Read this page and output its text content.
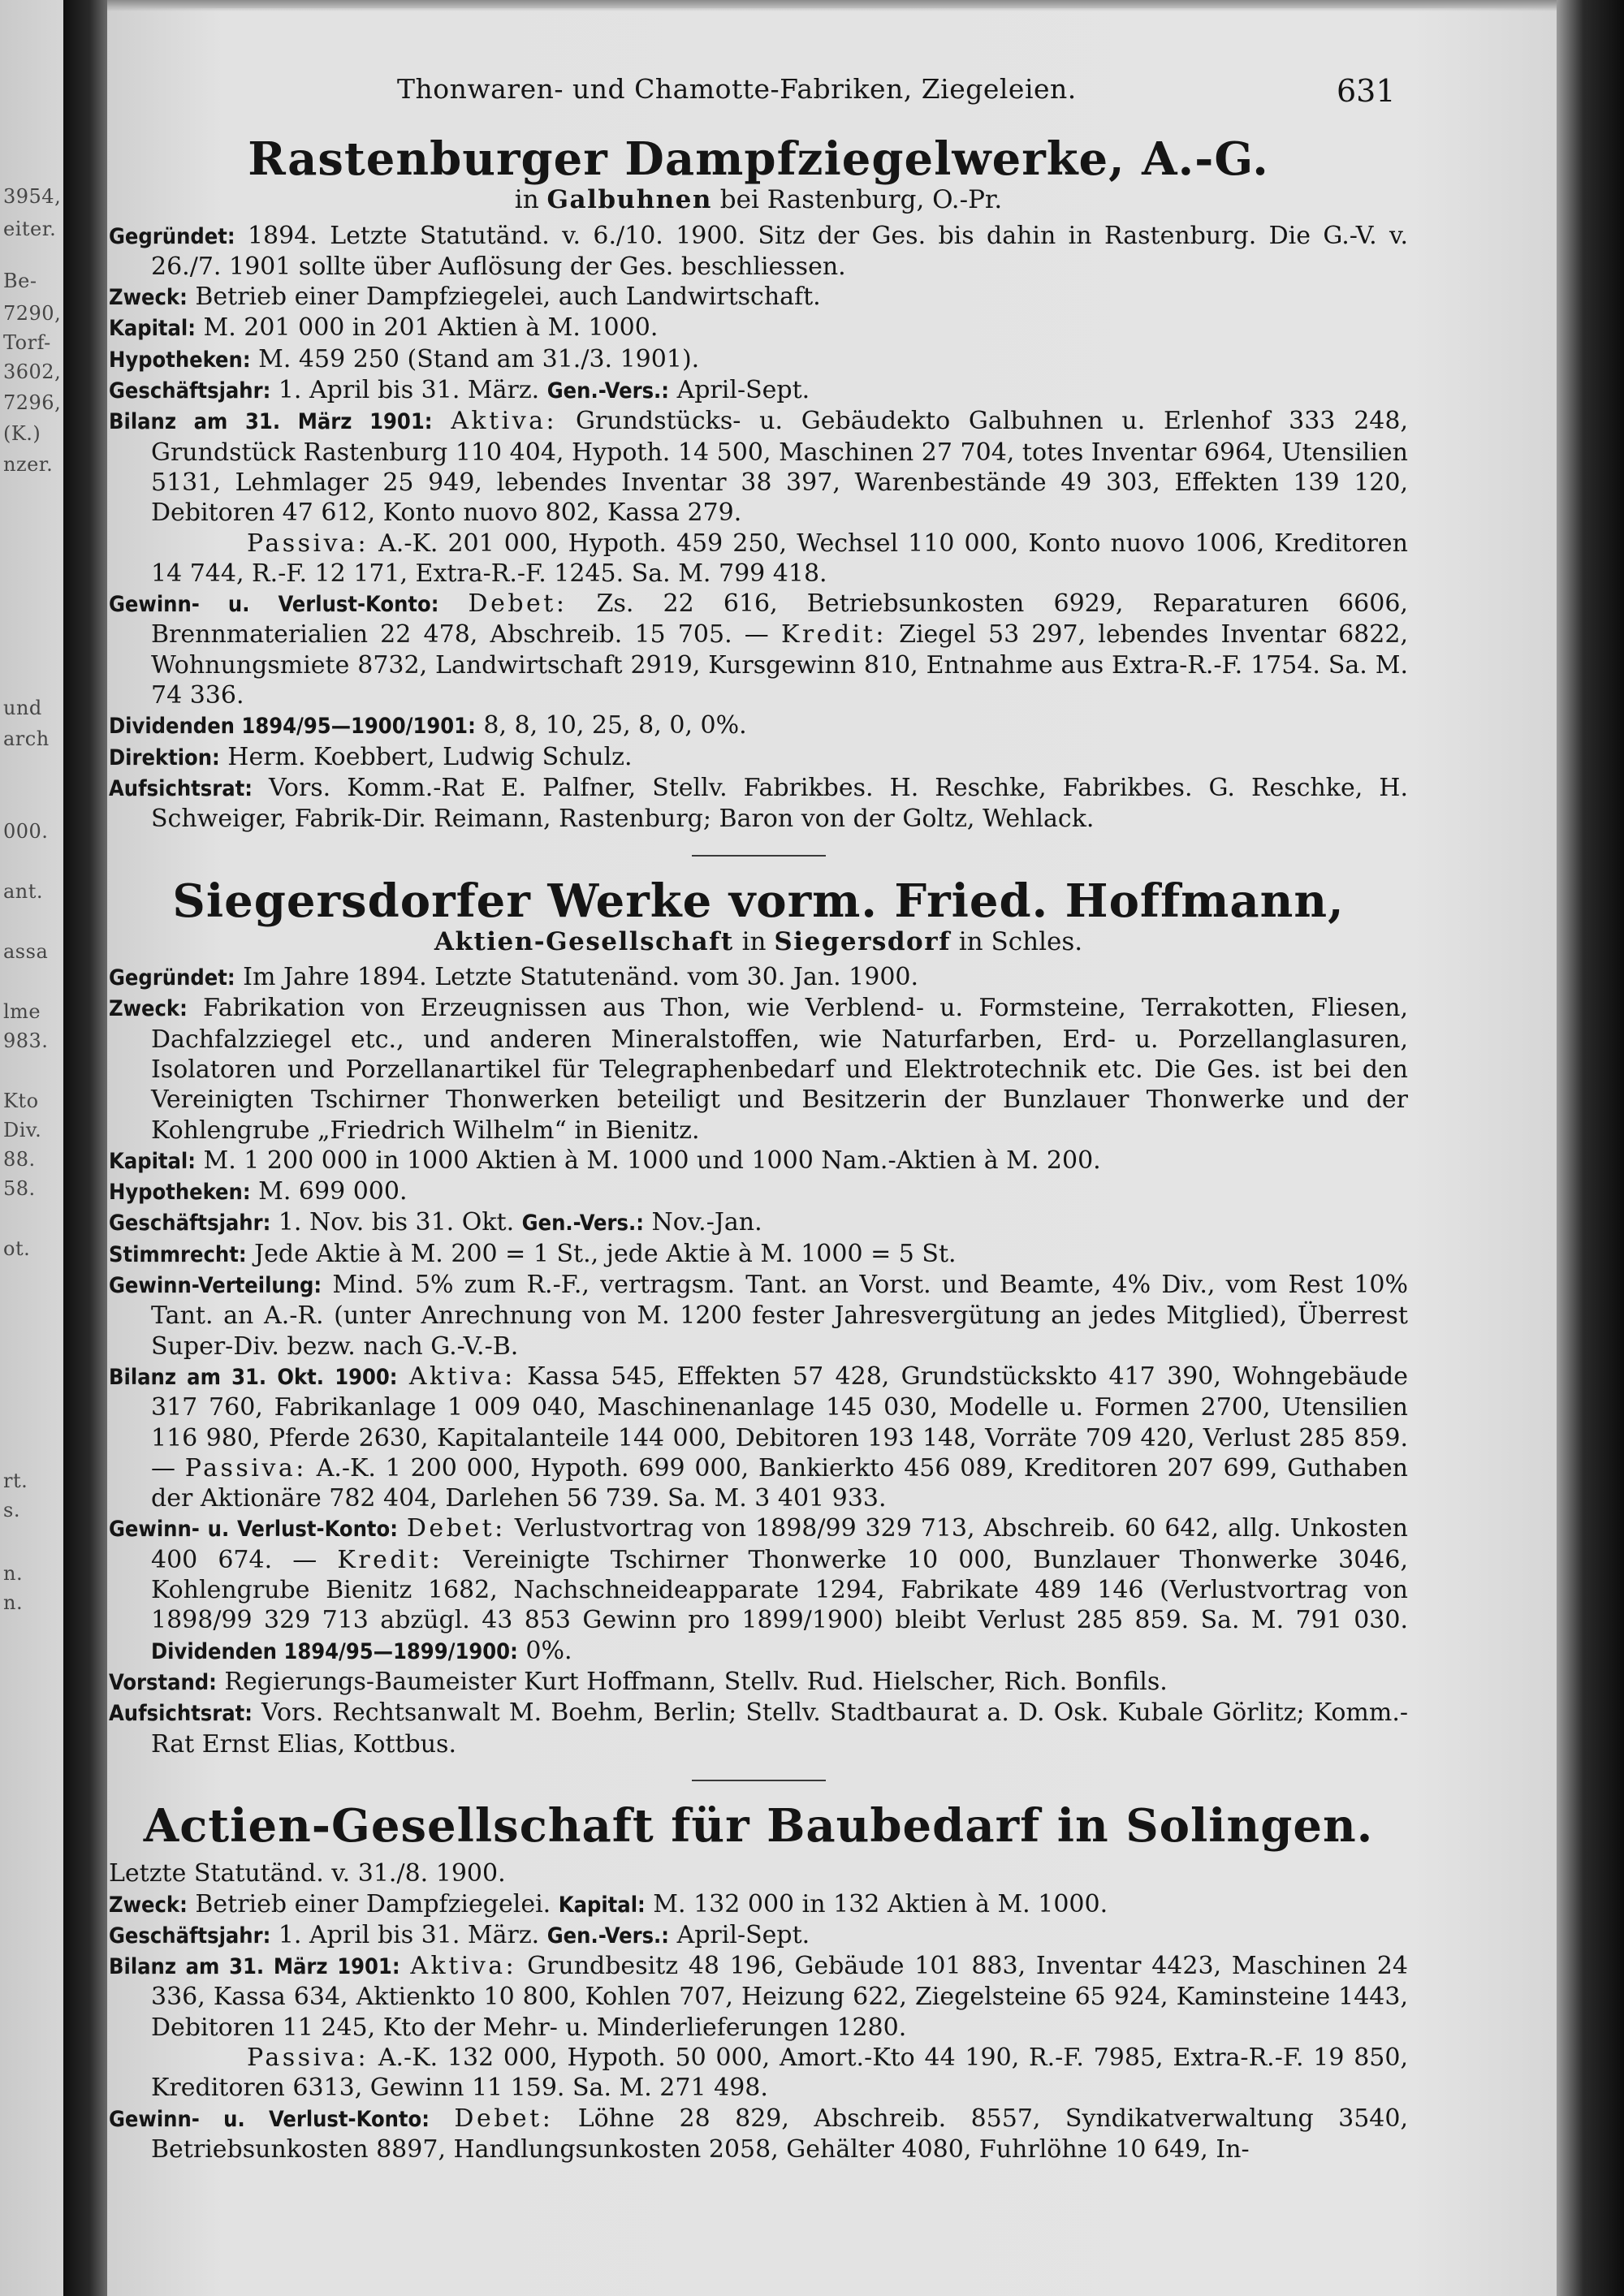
3954,
eiter.
Be-
7290,
Torf-
3602,
7296,
(K.)
nzer.
und
arch
000.
ant.
assa
lme
983.
Kto
Div.
88.
58.
ot.
rt.
s.
n.
n.
Thonwaren- und Chamotte-Fabriken, Ziegeleien.	631
Rastenburger Dampfziegelwerke, A.-G.

in Galbuhnen bei Rastenburg, O.-Pr.

Gegründet: 1894. Letzte Statutänd. v. 6./10. 1900. Sitz der Ges. bis dahin in Rastenburg. Die G.-V. v. 26./7. 1901 sollte über Auflösung der Ges. beschliessen.

Zweck: Betrieb einer Dampfziegelei, auch Landwirtschaft.

Kapital: M. 201 000 in 201 Aktien à M. 1000.

Hypotheken: M. 459 250 (Stand am 31./3. 1901).

Geschäftsjahr: 1. April bis 31. März. Gen.-Vers.: April-Sept.

Bilanz am 31. März 1901: Aktiva: Grundstücks- u. Gebäudekto Galbuhnen u. Erlenhof 333 248, Grundstück Rastenburg 110 404, Hypoth. 14 500, Maschinen 27 704, totes Inventar 6964, Utensilien 5131, Lehmlager 25 949, lebendes Inventar 38 397, Warenbestände 49 303, Effekten 139 120, Debitoren 47 612, Konto nuovo 802, Kassa 279.

Passiva: A.-K. 201 000, Hypoth. 459 250, Wechsel 110 000, Konto nuovo 1006, Kreditoren 14 744, R.-F. 12 171, Extra-R.-F. 1245. Sa. M. 799 418.

Gewinn- u. Verlust-Konto: Debet: Zs. 22 616, Betriebsunkosten 6929, Reparaturen 6606, Brennmaterialien 22 478, Abschreib. 15 705. — Kredit: Ziegel 53 297, lebendes Inventar 6822, Wohnungsmiete 8732, Landwirtschaft 2919, Kursgewinn 810, Entnahme aus Extra-R.-F. 1754. Sa. M. 74 336.

Dividenden 1894/95—1900/1901: 8, 8, 10, 25, 8, 0, 0%.

Direktion: Herm. Koebbert, Ludwig Schulz.

Aufsichtsrat: Vors. Komm.-Rat E. Palfner, Stellv. Fabrikbes. H. Reschke, Fabrikbes. G. Reschke, H. Schweiger, Fabrik-Dir. Reimann, Rastenburg; Baron von der Goltz, Wehlack.

Siegersdorfer Werke vorm. Fried. Hoffmann,

Aktien-Gesellschaft in Siegersdorf in Schles.

Gegründet: Im Jahre 1894. Letzte Statutenänd. vom 30. Jan. 1900.

Zweck: Fabrikation von Erzeugnissen aus Thon, wie Verblend- u. Formsteine, Terrakotten, Fliesen, Dachfalzziegel etc., und anderen Mineralstoffen, wie Naturfarben, Erd- u. Porzellanglasuren, Isolatoren und Porzellanartikel für Telegraphenbedarf und Elektrotechnik etc. Die Ges. ist bei den Vereinigten Tschirner Thonwerken beteiligt und Besitzerin der Bunzlauer Thonwerke und der Kohlengrube „Friedrich Wilhelm“ in Bienitz.

Kapital: M. 1 200 000 in 1000 Aktien à M. 1000 und 1000 Nam.-Aktien à M. 200.

Hypotheken: M. 699 000.

Geschäftsjahr: 1. Nov. bis 31. Okt. Gen.-Vers.: Nov.-Jan.

Stimmrecht: Jede Aktie à M. 200 = 1 St., jede Aktie à M. 1000 = 5 St.

Gewinn-Verteilung: Mind. 5% zum R.-F., vertragsm. Tant. an Vorst. und Beamte, 4% Div., vom Rest 10% Tant. an A.-R. (unter Anrechnung von M. 1200 fester Jahresvergütung an jedes Mitglied), Überrest Super-Div. bezw. nach G.-V.-B.

Bilanz am 31. Okt. 1900: Aktiva: Kassa 545, Effekten 57 428, Grundstückskto 417 390, Wohngebäude 317 760, Fabrikanlage 1 009 040, Maschinenanlage 145 030, Modelle u. Formen 2700, Utensilien 116 980, Pferde 2630, Kapitalanteile 144 000, Debitoren 193 148, Vorräte 709 420, Verlust 285 859. — Passiva: A.-K. 1 200 000, Hypoth. 699 000, Bankierkto 456 089, Kreditoren 207 699, Guthaben der Aktionäre 782 404, Darlehen 56 739. Sa. M. 3 401 933.

Gewinn- u. Verlust-Konto: Debet: Verlustvortrag von 1898/99 329 713, Abschreib. 60 642, allg. Unkosten 400 674. — Kredit: Vereinigte Tschirner Thonwerke 10 000, Bunzlauer Thonwerke 3046, Kohlengrube Bienitz 1682, Nachschneideapparate 1294, Fabrikate 489 146 (Verlustvortrag von 1898/99 329 713 abzügl. 43 853 Gewinn pro 1899/1900) bleibt Verlust 285 859. Sa. M. 791 030. Dividenden 1894/95—1899/1900: 0%.

Vorstand: Regierungs-Baumeister Kurt Hoffmann, Stellv. Rud. Hielscher, Rich. Bonfils.

Aufsichtsrat: Vors. Rechtsanwalt M. Boehm, Berlin; Stellv. Stadtbaurat a. D. Osk. Kubale Görlitz; Komm.-Rat Ernst Elias, Kottbus.

Actien-Gesellschaft für Baubedarf in Solingen.

Letzte Statutänd. v. 31./8. 1900.

Zweck: Betrieb einer Dampfziegelei. Kapital: M. 132 000 in 132 Aktien à M. 1000.

Geschäftsjahr: 1. April bis 31. März. Gen.-Vers.: April-Sept.

Bilanz am 31. März 1901: Aktiva: Grundbesitz 48 196, Gebäude 101 883, Inventar 4423, Maschinen 24 336, Kassa 634, Aktienkto 10 800, Kohlen 707, Heizung 622, Ziegelsteine 65 924, Kaminsteine 1443, Debitoren 11 245, Kto der Mehr- u. Minderlieferungen 1280.

Passiva: A.-K. 132 000, Hypoth. 50 000, Amort.-Kto 44 190, R.-F. 7985, Extra-R.-F. 19 850, Kreditoren 6313, Gewinn 11 159. Sa. M. 271 498.

Gewinn- u. Verlust-Konto: Debet: Löhne 28 829, Abschreib. 8557, Syndikatverwaltung 3540, Betriebsunkosten 8897, Handlungsunkosten 2058, Gehälter 4080, Fuhrlöhne 10 649, In-
